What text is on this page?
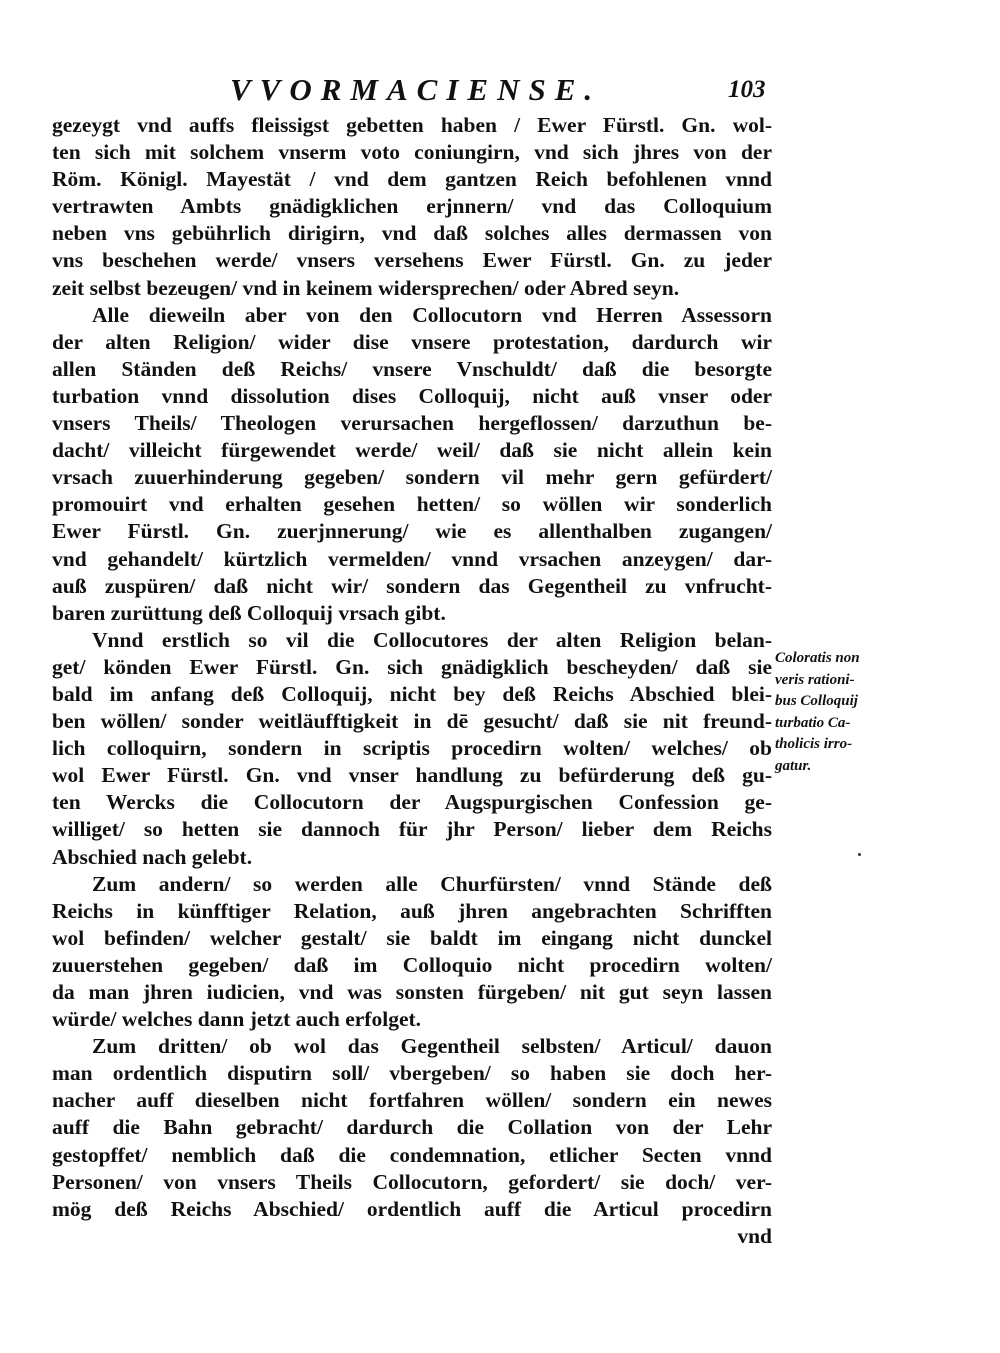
VVORMACIENSE.	103
gezeygt vnd auffs fleissigst gebetten haben / Ewer Fürstl. Gn. wol-
ten sich mit solchem vnserm voto coniungirn, vnd sich jhres von der
Röm. Königl. Mayestät / vnd dem gantzen Reich befohlenen vnnd
vertrawten Ambts gnädigklichen erjnnern/ vnd das Colloquium
neben vns gebührlich dirigirn, vnd daß solches alles dermassen von
vns beschehen werde/ vnsers versehens Ewer Fürstl. Gn. zu jeder
zeit selbst bezeugen/ vnd in keinem widersprechen/ oder Abred seyn.
Alle dieweiln aber von den Collocutorn vnd Herren Assessorn
der alten Religion/ wider dise vnsere protestation, dardurch wir
allen Ständen deß Reichs/ vnsere Vnschuldt/ daß die besorgte
turbation vnnd dissolution dises Colloquij, nicht auß vnser oder
vnsers Theils/ Theologen verursachen hergeflossen/ darzuthun be-
dacht/ villeicht fürgewendet werde/ weil/ daß sie nicht allein kein
vrsach zuuerhinderung gegeben/ sondern vil mehr gern gefürdert/
promouirt vnd erhalten gesehen hetten/ so wöllen wir sonderlich
Ewer Fürstl. Gn. zuerjnnerung/ wie es allenthalben zugangen/
vnd gehandelt/ kürtzlich vermelden/ vnnd vrsachen anzeygen/ dar-
auß zuspüren/ daß nicht wir/ sondern das Gegentheil zu vnfrucht-
baren zurüttung deß Colloquij vrsach gibt.
Vnnd erstlich so vil die Collocutores der alten Religion belan-
get/ könden Ewer Fürstl. Gn. sich gnädigklich bescheyden/ daß sie
bald im anfang deß Colloquij, nicht bey deß Reichs Abschied blei-
ben wöllen/ sonder weitläufftigkeit in dē gesucht/ daß sie nit freund-
lich colloquirn, sondern in scriptis procedirn wolten/ welches/ ob
wol Ewer Fürstl. Gn. vnd vnser handlung zu befürderung deß gu-
ten Wercks die Collocutorn der Augspurgischen Confession ge-
williget/ so hetten sie dannoch für jhr Person/ lieber dem Reichs
Abschied nach gelebt.
Zum andern/ so werden alle Churfürsten/ vnnd Stände deß
Reichs in künfftiger Relation, auß jhren angebrachten Schrifften
wol befinden/ welcher gestalt/ sie baldt im eingang nicht dunckel
zuuerstehen gegeben/ daß im Colloquio nicht procedirn wolten/
da man jhren iudicien, vnd was sonsten fürgeben/ nit gut seyn lassen
würde/ welches dann jetzt auch erfolget.
Zum dritten/ ob wol das Gegentheil selbsten/ Articul/ dauon
man ordentlich disputirn soll/ vbergeben/ so haben sie doch her-
nacher auff dieselben nicht fortfahren wöllen/ sondern ein newes
auff die Bahn gebracht/ dardurch die Collation von der Lehr
gestopffet/ nemblich daß die condemnation, etlicher Secten vnnd
Personen/ von vnsers Theils Collocutorn, gefordert/ sie doch/ ver-
mög deß Reichs Abschied/ ordentlich auff die Articul procedirn
vnd
Coloratis non
veris rationi-
bus Colloquij
turbatio Ca-
tholicis irro-
gatur.
